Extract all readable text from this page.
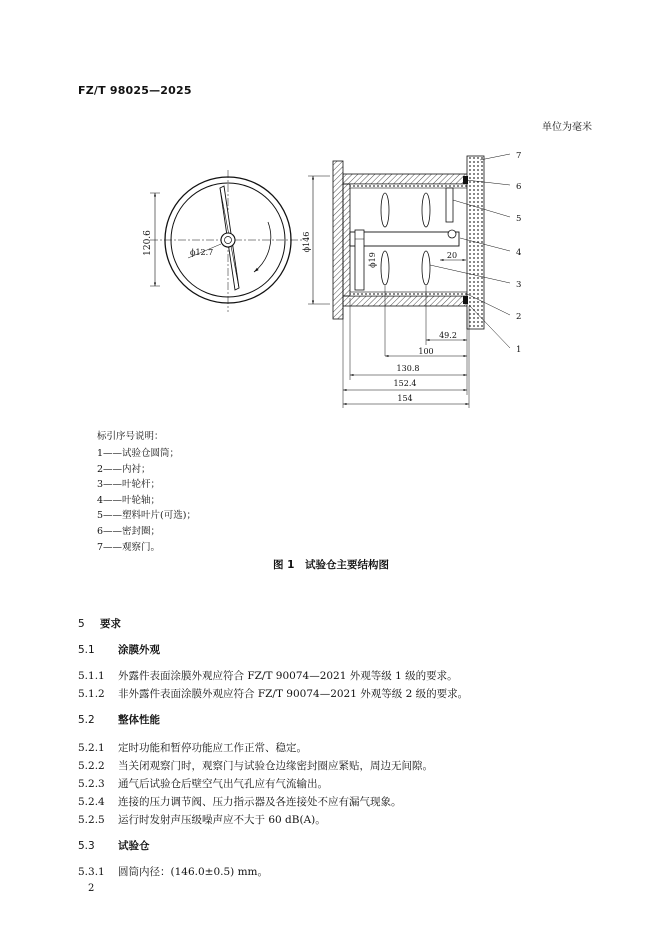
FZ/T 98025—2025
单位为毫米
120.6	ϕ12.7
ϕ146
ϕ19	20
49.2
100
130.8
152.4
154
7
6
5
4
3
2
1
标引序号说明：
1——试验仓圆筒；
2——内衬；
3——叶轮杆；
4——叶轮轴；
5——塑料叶片(可选)；
6——密封圈；
7——观察门。
图 1　试验仓主要结构图
5 要求
5.1 涂膜外观
5.1.1 外露件表面涂膜外观应符合 FZ/T 90074—2021 外观等级 1 级的要求。
5.1.2 非外露件表面涂膜外观应符合 FZ/T 90074—2021 外观等级 2 级的要求。
5.2 整体性能
5.2.1 定时功能和暂停功能应工作正常、稳定。
5.2.2 当关闭观察门时，观察门与试验仓边缘密封圈应紧贴，周边无间隙。
5.2.3 通气后试验仓后壁空气出气孔应有气流输出。
5.2.4 连接的压力调节阀、压力指示器及各连接处不应有漏气现象。
5.2.5 运行时发射声压级噪声应不大于 60 dB(A)。
5.3 试验仓
5.3.1 圆筒内径：(146.0±0.5) mm。
2
